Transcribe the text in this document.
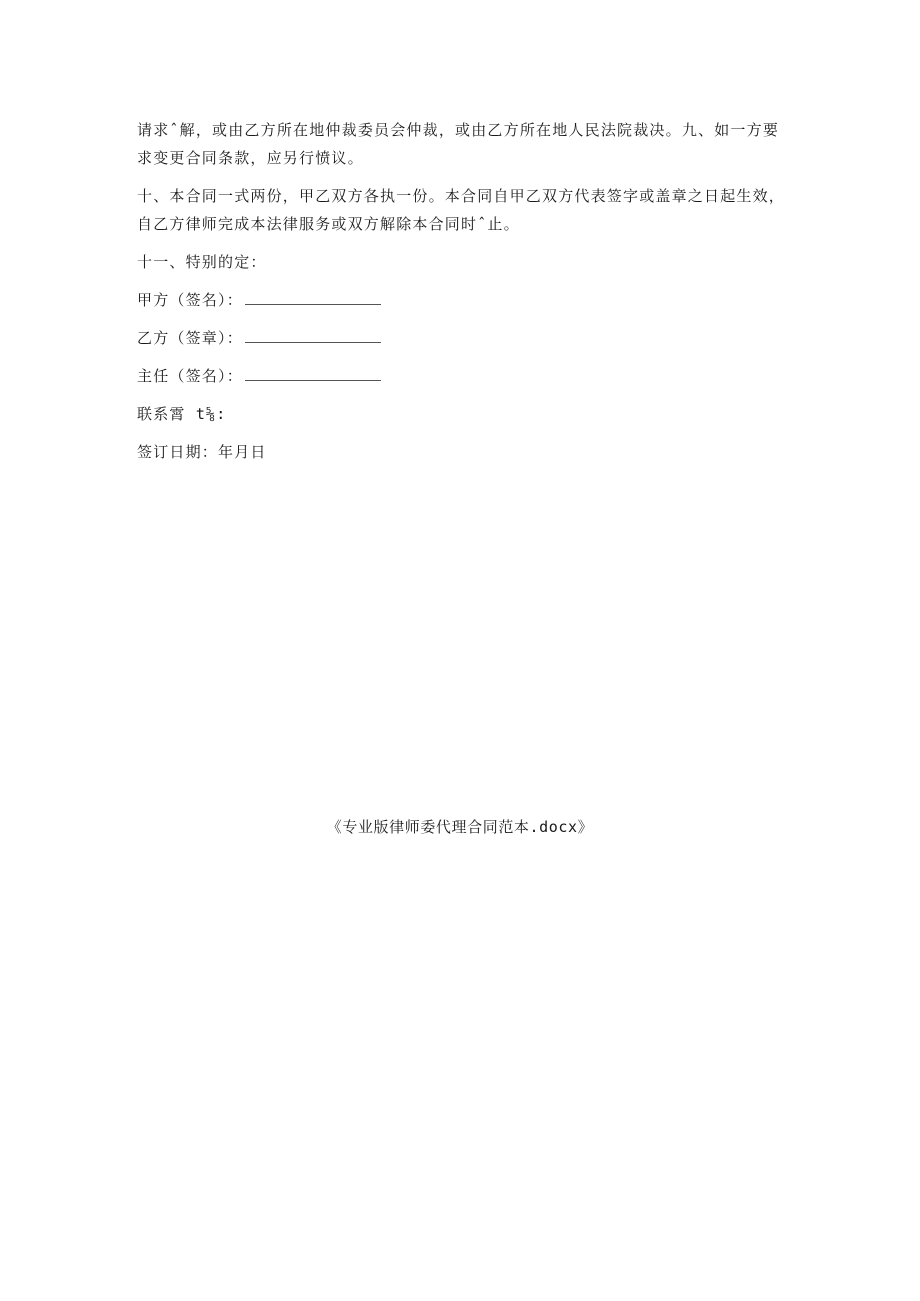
请求ˆ解，或由乙方所在地仲裁委员会仲裁，或由乙方所在地人民法院裁决。九、如一方要求变更合同条款，应另行愤议。

十、本合同一式两份，甲乙双方各执一份。本合同自甲乙双方代表签字或盖章之日起生效，自乙方律师完成本法律服务或双方解除本合同时ˆ止。

十一、特别的定：

甲方（签名）：

乙方（签章）：

主任（签名）：

联系霄 t⅝:

签订日期：年月日

《专业版律师委代理合同范本.docx》
